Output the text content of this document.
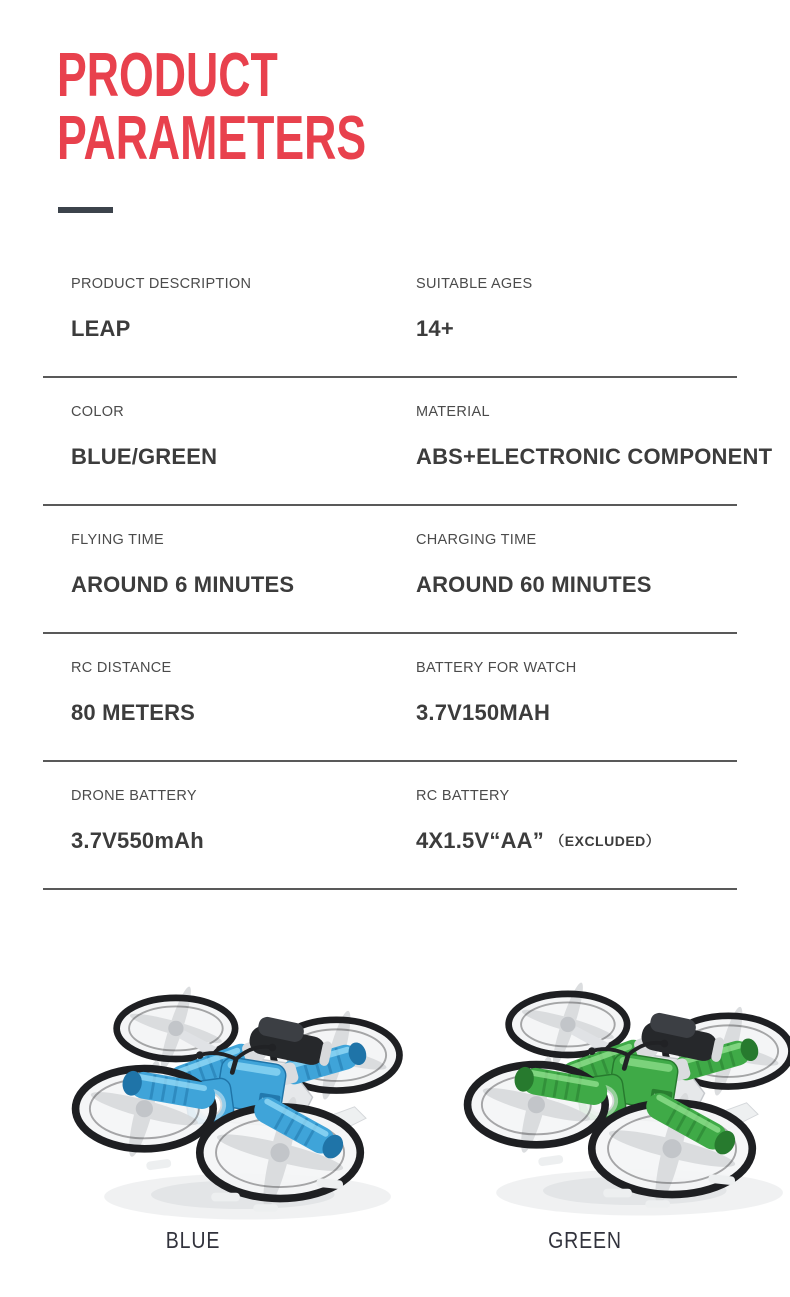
PRODUCT
PARAMETERS
PRODUCT DESCRIPTION
LEAP
SUITABLE AGES
14+
COLOR
BLUE/GREEN
MATERIAL
ABS+ELECTRONIC COMPONENT
FLYING TIME
AROUND 6 MINUTES
CHARGING TIME
AROUND 60 MINUTES
RC DISTANCE
80 METERS
BATTERY FOR WATCH
3.7V150MAH
DRONE BATTERY
3.7V550mAh
RC BATTERY
4X1.5V“AA” （EXCLUDED）

BLUE	GREEN
